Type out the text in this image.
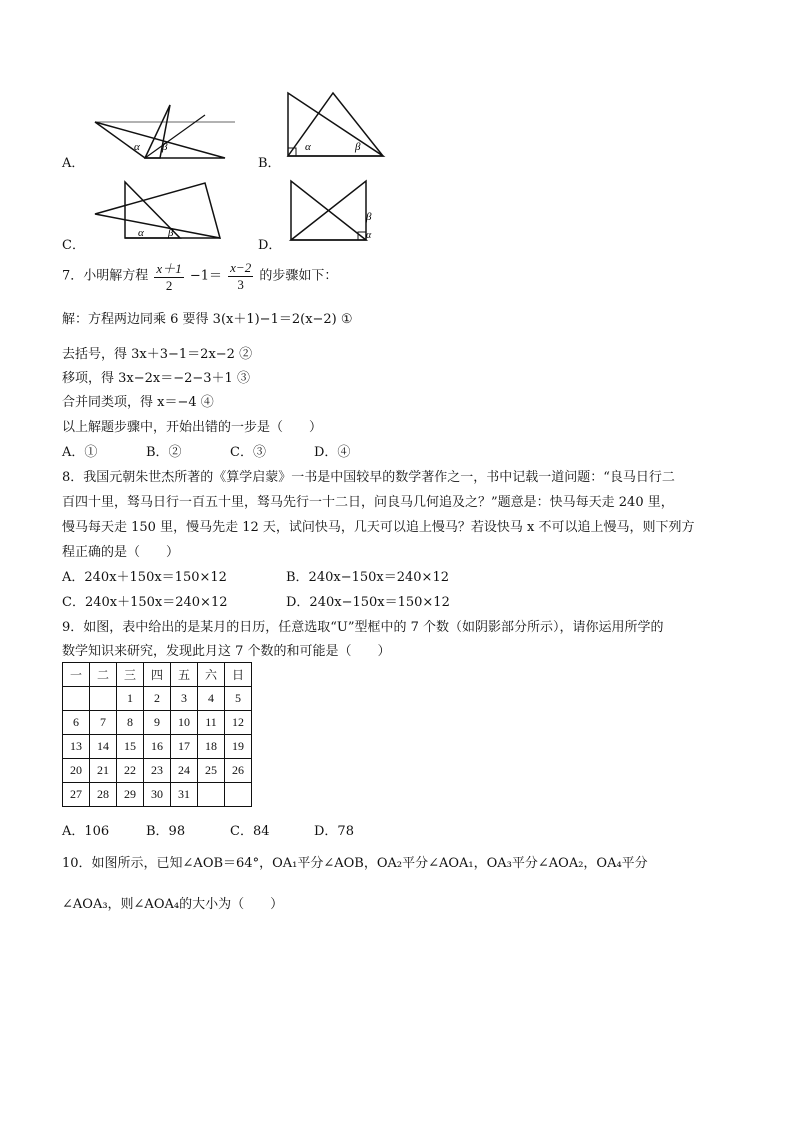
A．
α β
B．
α	β
C．
α β
D．
β
α
7．小明解方程 $\frac{x+1}{2} -1= \frac{x-2}{3}$ 的步骤如下：
解：方程两边同乘 6 要得 3(x＋1)−1＝2(x−2) ①
去括号，得 3x＋3−1＝2x−2 ②
移项，得 3x−2x＝−2−3＋1 ③
合并同类项，得 x＝−4 ④
以上解题步骤中，开始出错的一步是（　　）
A．①	B．②	C．③	D．④
8．我国元朝朱世杰所著的《算学启蒙》一书是中国较早的数学著作之一，书中记载一道问题：“良马日行二
百四十里，驽马日行一百五十里，驽马先行一十二日，问良马几何追及之？”题意是：快马每天走 240 里，
慢马每天走 150 里，慢马先走 12 天，试问快马，几天可以追上慢马？若设快马 x 不可以追上慢马，则下列方
程正确的是（　　）
A．240x＋150x＝150×12	B．240x−150x＝240×12
C．240x＋150x＝240×12	D．240x−150x＝150×12
9．如图，表中给出的是某月的日历，任意选取“U”型框中的 7 个数（如阴影部分所示），请你运用所学的
数学知识来研究，发现此月这 7 个数的和可能是（　　）
一	二	三	四	五	六	日
		1	2	3	4	5
6	7	8	9	10	11	12
13	14	15	16	17	18	19
20	21	22	23	24	25	26
27	28	29	30	31		
A．106	B．98	C．84	D．78
10．如图所示，已知∠AOB＝64°，OA₁平分∠AOB，OA₂平分∠AOA₁，OA₃平分∠AOA₂，OA₄平分
∠AOA₃，则∠AOA₄的大小为（　　）
